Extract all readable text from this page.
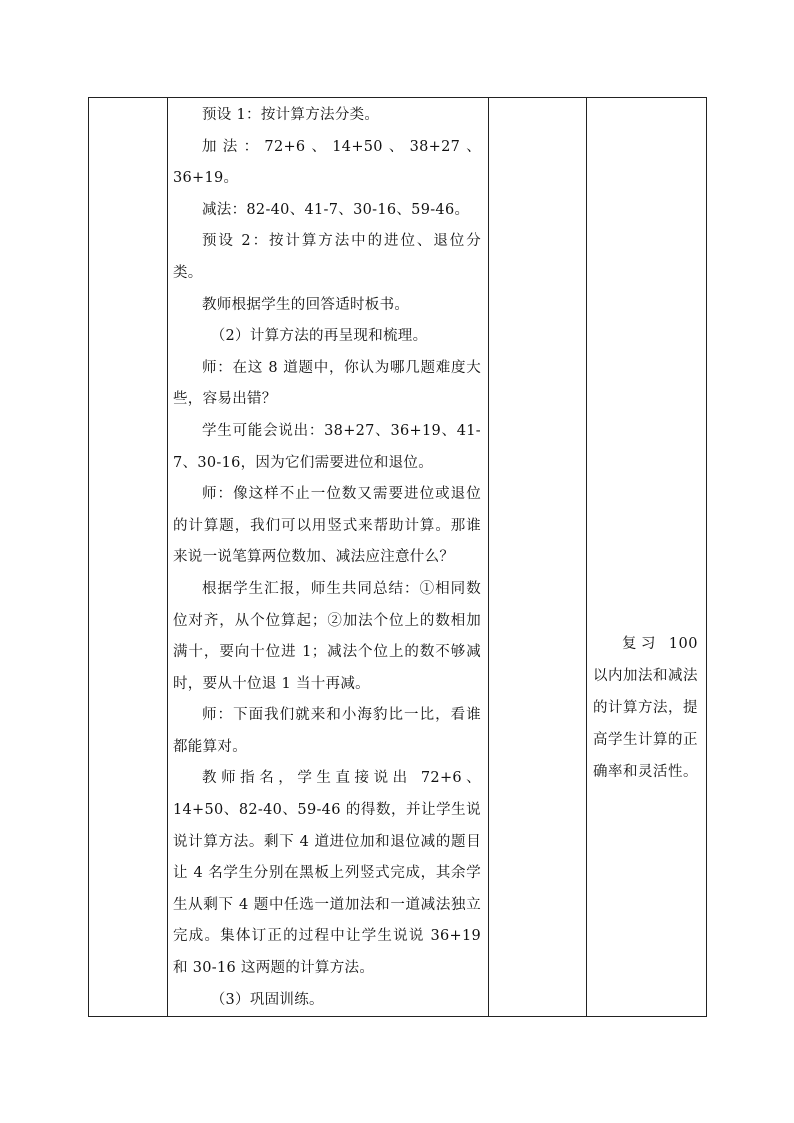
预设 1：按计算方法分类。

加法：72+6、14+50、38+27、36+19。

减法：82-40、41-7、30-16、59-46。

预设 2：按计算方法中的进位、退位分类。

教师根据学生的回答适时板书。

（2）计算方法的再呈现和梳理。

师：在这 8 道题中，你认为哪几题难度大些，容易出错？

学生可能会说出：38+27、36+19、41-7、30-16，因为它们需要进位和退位。

师：像这样不止一位数又需要进位或退位的计算题，我们可以用竖式来帮助计算。那谁来说一说笔算两位数加、减法应注意什么？

根据学生汇报，师生共同总结：①相同数位对齐，从个位算起；②加法个位上的数相加满十，要向十位进 1；减法个位上的数不够减时，要从十位退 1 当十再减。

师：下面我们就来和小海豹比一比，看谁都能算对。

教师指名，学生直接说出 72+6、14+50、82-40、59-46 的得数，并让学生说说计算方法。剩下 4 道进位加和退位减的题目让 4 名学生分别在黑板上列竖式完成，其余学生从剩下 4 题中任选一道加法和一道减法独立完成。集体订正的过程中让学生说说 36+19 和 30-16 这两题的计算方法。

（3）巩固训练。

复习 100 以内加法和减法的计算方法，提高学生计算的正确率和灵活性。
